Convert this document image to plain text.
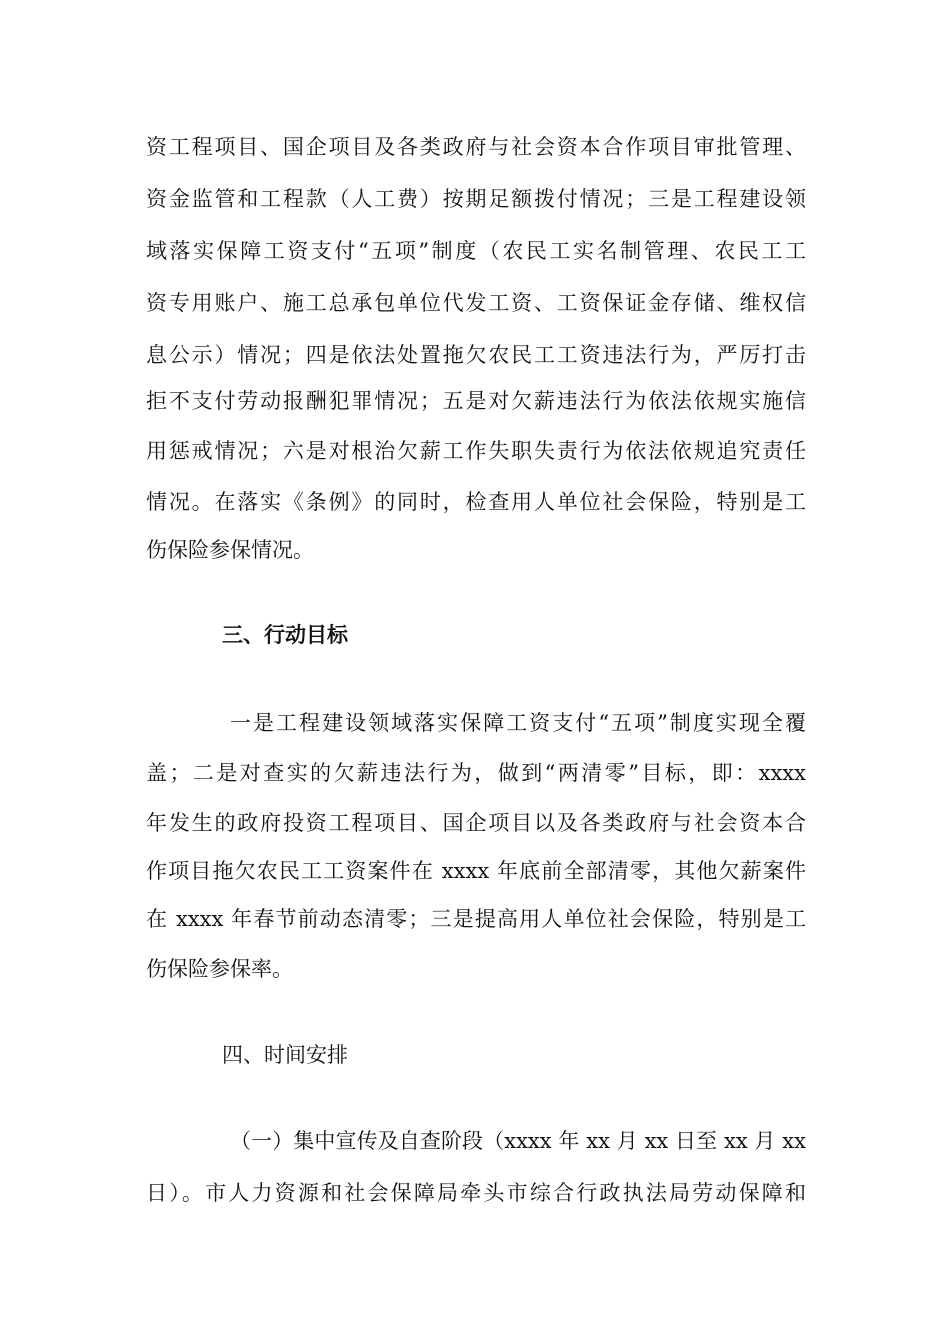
资工程项目、国企项目及各类政府与社会资本合作项目审批管理、
资金监管和工程款（人工费）按期足额拨付情况；三是工程建设领
域落实保障工资支付“五项”制度（农民工实名制管理、农民工工
资专用账户、施工总承包单位代发工资、工资保证金存储、维权信
息公示）情况；四是依法处置拖欠农民工工资违法行为，严厉打击
拒不支付劳动报酬犯罪情况；五是对欠薪违法行为依法依规实施信
用惩戒情况；六是对根治欠薪工作失职失责行为依法依规追究责任
情况。在落实《条例》的同时，检查用人单位社会保险，特别是工
伤保险参保情况。
三、行动目标
一是工程建设领域落实保障工资支付“五项”制度实现全覆
盖；二是对查实的欠薪违法行为，做到“两清零”目标，即：xxxx
年发生的政府投资工程项目、国企项目以及各类政府与社会资本合
作项目拖欠农民工工资案件在 xxxx 年底前全部清零，其他欠薪案件
在 xxxx 年春节前动态清零；三是提高用人单位社会保险，特别是工
伤保险参保率。
四、时间安排
（一）集中宣传及自查阶段（xxxx 年 xx 月 xx 日至 xx 月 xx
日）。市人力资源和社会保障局牵头市综合行政执法局劳动保障和
